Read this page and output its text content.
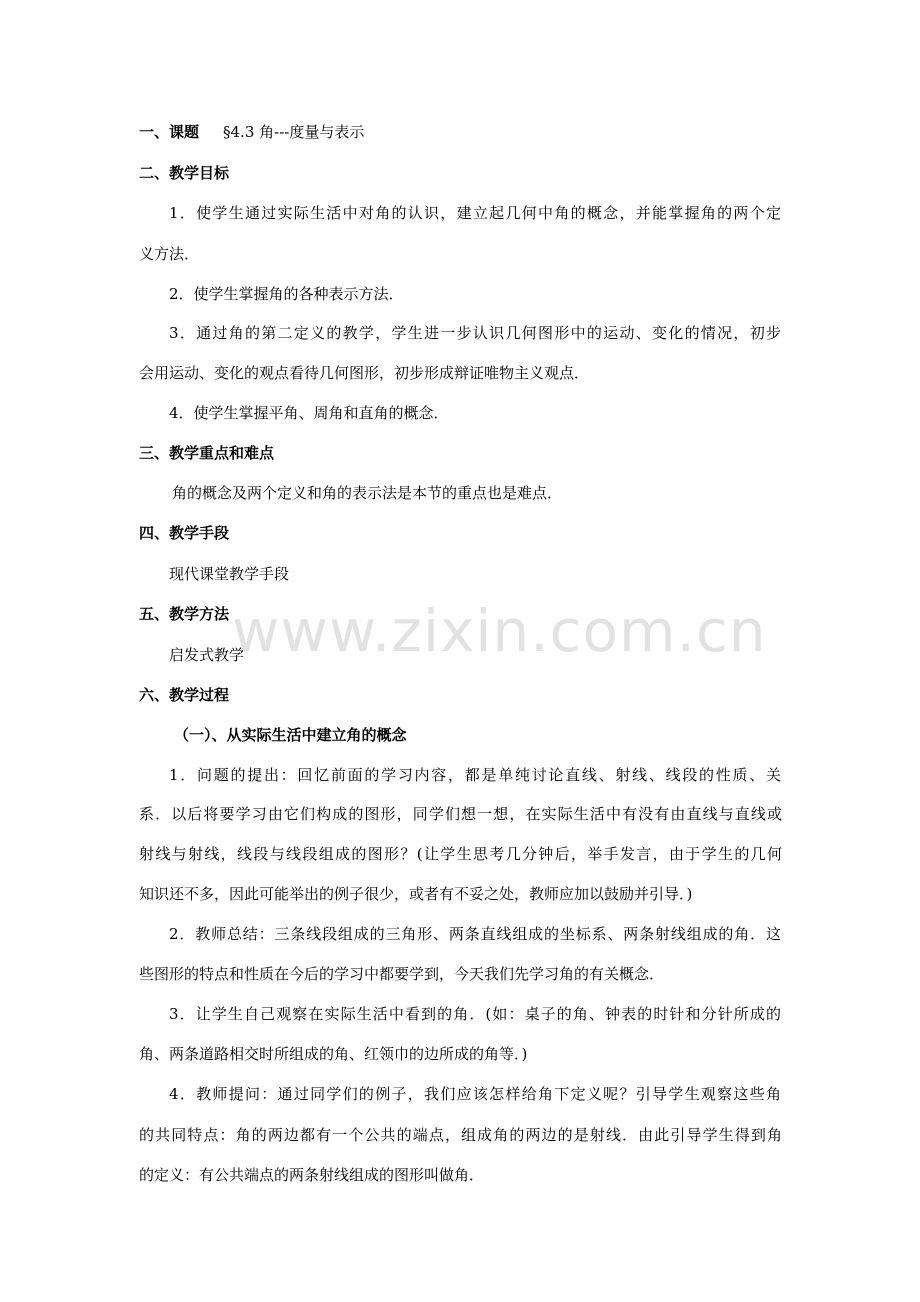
一、课题 §4.3 角---度量与表示
二、教学目标
1．使学生通过实际生活中对角的认识，建立起几何中角的概念，并能掌握角的两个定
义方法．
2．使学生掌握角的各种表示方法．
3．通过角的第二定义的教学，学生进一步认识几何图形中的运动、变化的情况，初步
会用运动、变化的观点看待几何图形，初步形成辩证唯物主义观点．
4．使学生掌握平角、周角和直角的概念．
三、教学重点和难点
角的概念及两个定义和角的表示法是本节的重点也是难点．
四、教学手段
现代课堂教学手段
五、教学方法
启发式教学
六、教学过程
（一）、从实际生活中建立角的概念
1．问题的提出：回忆前面的学习内容，都是单纯讨论直线、射线、线段的性质、关
系．以后将要学习由它们构成的图形，同学们想一想，在实际生活中有没有由直线与直线或
射线与射线，线段与线段组成的图形？(让学生思考几分钟后，举手发言，由于学生的几何
知识还不多，因此可能举出的例子很少，或者有不妥之处，教师应加以鼓励并引导．)
2．教师总结：三条线段组成的三角形、两条直线组成的坐标系、两条射线组成的角．这
些图形的特点和性质在今后的学习中都要学到，今天我们先学习角的有关概念．
3．让学生自己观察在实际生活中看到的角．(如：桌子的角、钟表的时针和分针所成的
角、两条道路相交时所组成的角、红领巾的边所成的角等．)
4．教师提问：通过同学们的例子，我们应该怎样给角下定义呢？引导学生观察这些角
的共同特点：角的两边都有一个公共的端点，组成角的两边的是射线．由此引导学生得到角
的定义：有公共端点的两条射线组成的图形叫做角．
www.zixin.com.cn
